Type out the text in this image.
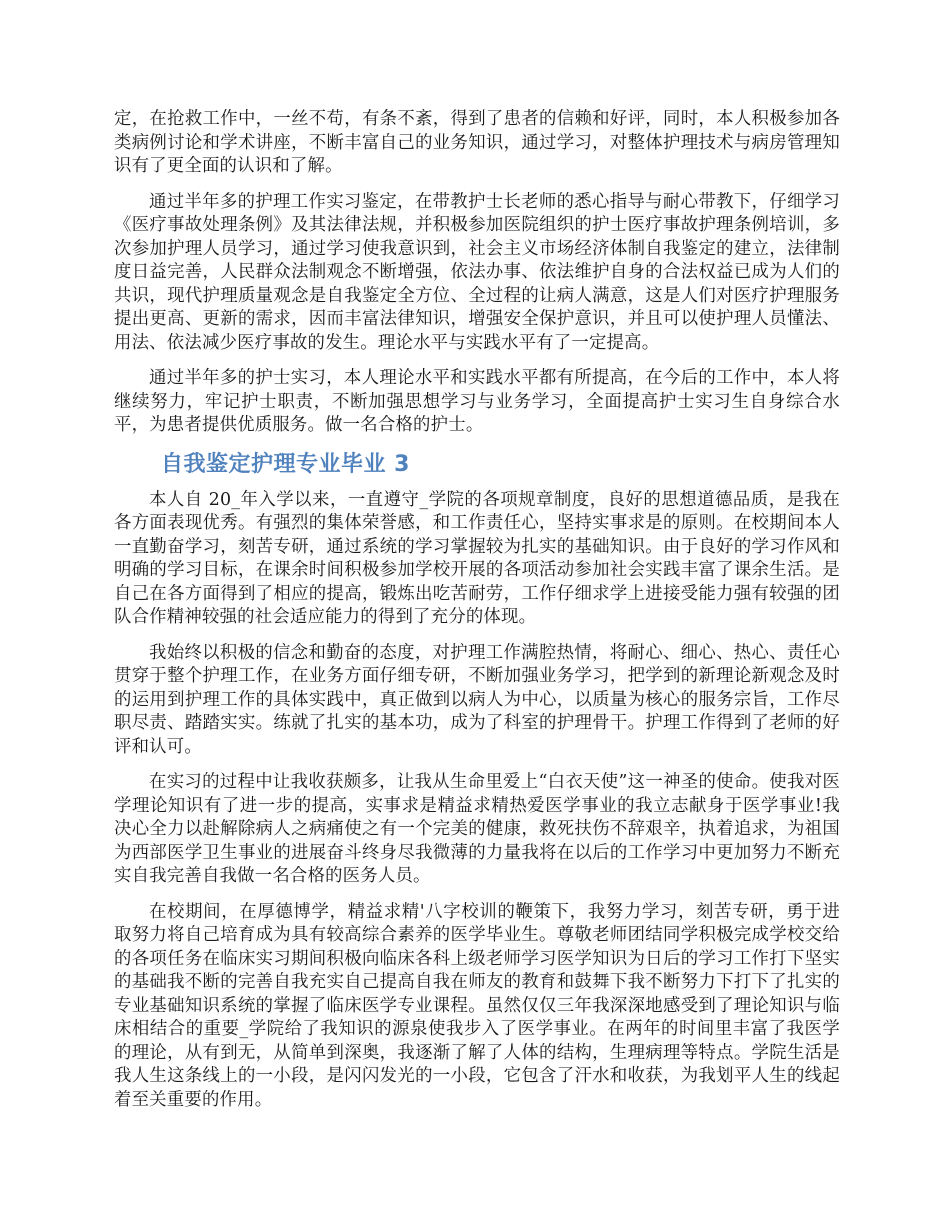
定，在抢救工作中，一丝不苟，有条不紊，得到了患者的信赖和好评，同时，本人积极参加各类病例讨论和学术讲座，不断丰富自己的业务知识，通过学习，对整体护理技术与病房管理知识有了更全面的认识和了解。

通过半年多的护理工作实习鉴定，在带教护士长老师的悉心指导与耐心带教下，仔细学习《医疗事故处理条例》及其法律法规，并积极参加医院组织的护士医疗事故护理条例培训，多次参加护理人员学习，通过学习使我意识到，社会主义市场经济体制自我鉴定的建立，法律制度日益完善，人民群众法制观念不断增强，依法办事、依法维护自身的合法权益已成为人们的共识，现代护理质量观念是自我鉴定全方位、全过程的让病人满意，这是人们对医疗护理服务提出更高、更新的需求，因而丰富法律知识，增强安全保护意识，并且可以使护理人员懂法、用法、依法减少医疗事故的发生。理论水平与实践水平有了一定提高。

通过半年多的护士实习，本人理论水平和实践水平都有所提高，在今后的工作中，本人将继续努力，牢记护士职责，不断加强思想学习与业务学习，全面提高护士实习生自身综合水平，为患者提供优质服务。做一名合格的护士。

自我鉴定护理专业毕业 3

本人自 20_年入学以来，一直遵守_学院的各项规章制度，良好的思想道德品质，是我在各方面表现优秀。有强烈的集体荣誉感，和工作责任心，坚持实事求是的原则。在校期间本人一直勤奋学习，刻苦专研，通过系统的学习掌握较为扎实的基础知识。由于良好的学习作风和明确的学习目标，在课余时间积极参加学校开展的各项活动参加社会实践丰富了课余生活。是自己在各方面得到了相应的提高，锻炼出吃苦耐劳，工作仔细求学上进接受能力强有较强的团队合作精神较强的社会适应能力的得到了充分的体现。

我始终以积极的信念和勤奋的态度，对护理工作满腔热情，将耐心、细心、热心、责任心贯穿于整个护理工作，在业务方面仔细专研，不断加强业务学习，把学到的新理论新观念及时的运用到护理工作的具体实践中，真正做到以病人为中心，以质量为核心的服务宗旨，工作尽职尽责、踏踏实实。练就了扎实的基本功，成为了科室的护理骨干。护理工作得到了老师的好评和认可。

在实习的过程中让我收获颇多，让我从生命里爱上“白衣天使”这一神圣的使命。使我对医学理论知识有了进一步的提高，实事求是精益求精热爱医学事业的我立志献身于医学事业!我决心全力以赴解除病人之病痛使之有一个完美的健康，救死扶伤不辞艰辛，执着追求，为祖国为西部医学卫生事业的进展奋斗终身尽我微薄的力量我将在以后的工作学习中更加努力不断充实自我完善自我做一名合格的医务人员。

在校期间，在厚德博学，精益求精'八字校训的鞭策下，我努力学习，刻苦专研，勇于进取努力将自己培育成为具有较高综合素养的医学毕业生。尊敬老师团结同学积极完成学校交给的各项任务在临床实习期间积极向临床各科上级老师学习医学知识为日后的学习工作打下坚实的基础我不断的完善自我充实自己提高自我在师友的教育和鼓舞下我不断努力下打下了扎实的专业基础知识系统的掌握了临床医学专业课程。虽然仅仅三年我深深地感受到了理论知识与临床相结合的重要_学院给了我知识的源泉使我步入了医学事业。在两年的时间里丰富了我医学的理论，从有到无，从简单到深奥，我逐渐了解了人体的结构，生理病理等特点。学院生活是我人生这条线上的一小段，是闪闪发光的一小段，它包含了汗水和收获，为我划平人生的线起着至关重要的作用。
